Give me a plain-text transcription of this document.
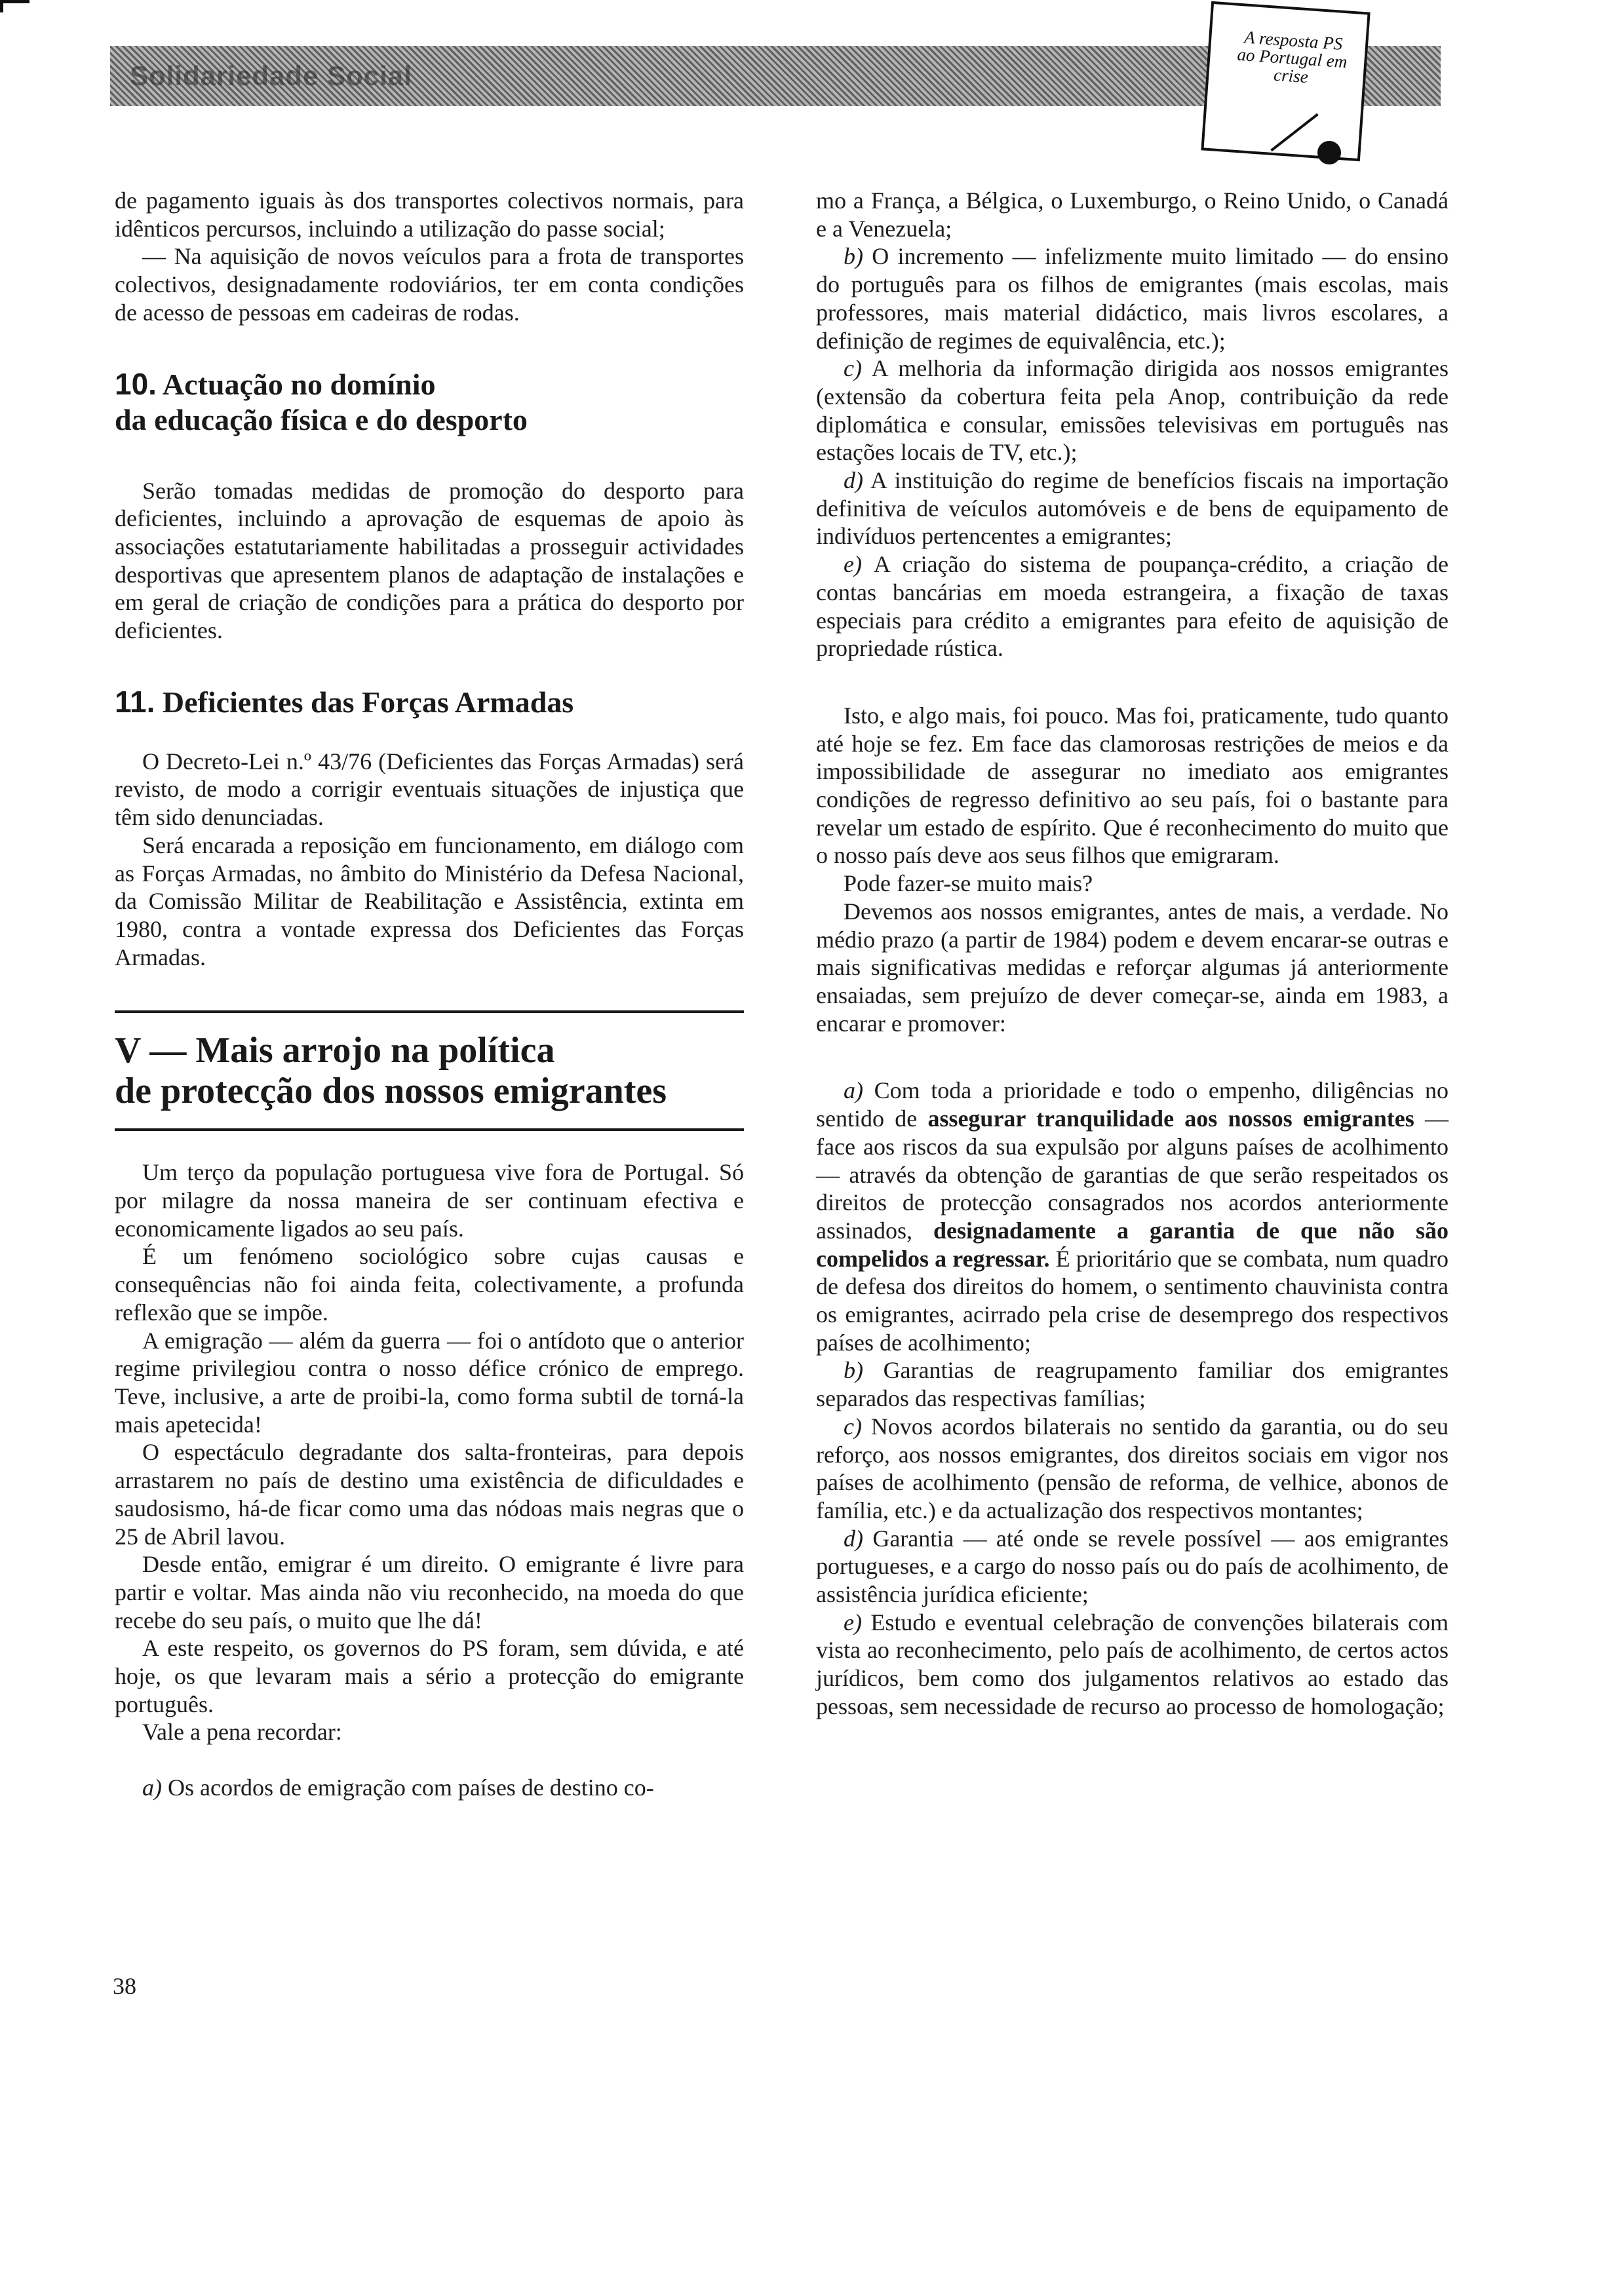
Solidariedade Social
A resposta PS ao Portugal em crise

de pagamento iguais às dos transportes colectivos normais, para idênticos percursos, incluindo a utilização do passe social;

— Na aquisição de novos veículos para a frota de transportes colectivos, designadamente rodoviários, ter em conta condições de acesso de pessoas em cadeiras de rodas.

10. Actuação no domínio
da educação física e do desporto

Serão tomadas medidas de promoção do desporto para deficientes, incluindo a aprovação de esquemas de apoio às associações estatutariamente habilitadas a prosseguir actividades desportivas que apresentem planos de adaptação de instalações e em geral de criação de condições para a prática do desporto por deficientes.

11. Deficientes das Forças Armadas

O Decreto-Lei n.º 43/76 (Deficientes das Forças Armadas) será revisto, de modo a corrigir eventuais situações de injustiça que têm sido denunciadas.

Será encarada a reposição em funcionamento, em diálogo com as Forças Armadas, no âmbito do Ministério da Defesa Nacional, da Comissão Militar de Reabilitação e Assistência, extinta em 1980, contra a vontade expressa dos Deficientes das Forças Armadas.

V — Mais arrojo na política
de protecção dos nossos emigrantes

Um terço da população portuguesa vive fora de Portugal. Só por milagre da nossa maneira de ser continuam efectiva e economicamente ligados ao seu país.

É um fenómeno sociológico sobre cujas causas e consequências não foi ainda feita, colectivamente, a profunda reflexão que se impõe.

A emigração — além da guerra — foi o antídoto que o anterior regime privilegiou contra o nosso défice crónico de emprego. Teve, inclusive, a arte de proibi-la, como forma subtil de torná-la mais apetecida!

O espectáculo degradante dos salta-fronteiras, para depois arrastarem no país de destino uma existência de dificuldades e saudosismo, há-de ficar como uma das nódoas mais negras que o 25 de Abril lavou.

Desde então, emigrar é um direito. O emigrante é livre para partir e voltar. Mas ainda não viu reconhecido, na moeda do que recebe do seu país, o muito que lhe dá!

A este respeito, os governos do PS foram, sem dúvida, e até hoje, os que levaram mais a sério a protecção do emigrante português.

Vale a pena recordar:

a) Os acordos de emigração com países de destino co-

mo a França, a Bélgica, o Luxemburgo, o Reino Unido, o Canadá e a Venezuela;

b) O incremento — infelizmente muito limitado — do ensino do português para os filhos de emigrantes (mais escolas, mais professores, mais material didáctico, mais livros escolares, a definição de regimes de equivalência, etc.);

c) A melhoria da informação dirigida aos nossos emigrantes (extensão da cobertura feita pela Anop, contribuição da rede diplomática e consular, emissões televisivas em português nas estações locais de TV, etc.);

d) A instituição do regime de benefícios fiscais na importação definitiva de veículos automóveis e de bens de equipamento de indivíduos pertencentes a emigrantes;

e) A criação do sistema de poupança-crédito, a criação de contas bancárias em moeda estrangeira, a fixação de taxas especiais para crédito a emigrantes para efeito de aquisição de propriedade rústica.

Isto, e algo mais, foi pouco. Mas foi, praticamente, tudo quanto até hoje se fez. Em face das clamorosas restrições de meios e da impossibilidade de assegurar no imediato aos emigrantes condições de regresso definitivo ao seu país, foi o bastante para revelar um estado de espírito. Que é reconhecimento do muito que o nosso país deve aos seus filhos que emigraram.

Pode fazer-se muito mais?

Devemos aos nossos emigrantes, antes de mais, a verdade. No médio prazo (a partir de 1984) podem e devem encarar-se outras e mais significativas medidas e reforçar algumas já anteriormente ensaiadas, sem prejuízo de dever começar-se, ainda em 1983, a encarar e promover:

a) Com toda a prioridade e todo o empenho, diligências no sentido de assegurar tranquilidade aos nossos emigrantes — face aos riscos da sua expulsão por alguns países de acolhimento — através da obtenção de garantias de que serão respeitados os direitos de protecção consagrados nos acordos anteriormente assinados, designadamente a garantia de que não são compelidos a regressar. É prioritário que se combata, num quadro de defesa dos direitos do homem, o sentimento chauvinista contra os emigrantes, acirrado pela crise de desemprego dos respectivos países de acolhimento;

b) Garantias de reagrupamento familiar dos emigrantes separados das respectivas famílias;

c) Novos acordos bilaterais no sentido da garantia, ou do seu reforço, aos nossos emigrantes, dos direitos sociais em vigor nos países de acolhimento (pensão de reforma, de velhice, abonos de família, etc.) e da actualização dos respectivos montantes;

d) Garantia — até onde se revele possível — aos emigrantes portugueses, e a cargo do nosso país ou do país de acolhimento, de assistência jurídica eficiente;

e) Estudo e eventual celebração de convenções bilaterais com vista ao reconhecimento, pelo país de acolhimento, de certos actos jurídicos, bem como dos julgamentos relativos ao estado das pessoas, sem necessidade de recurso ao processo de homologação;

38
